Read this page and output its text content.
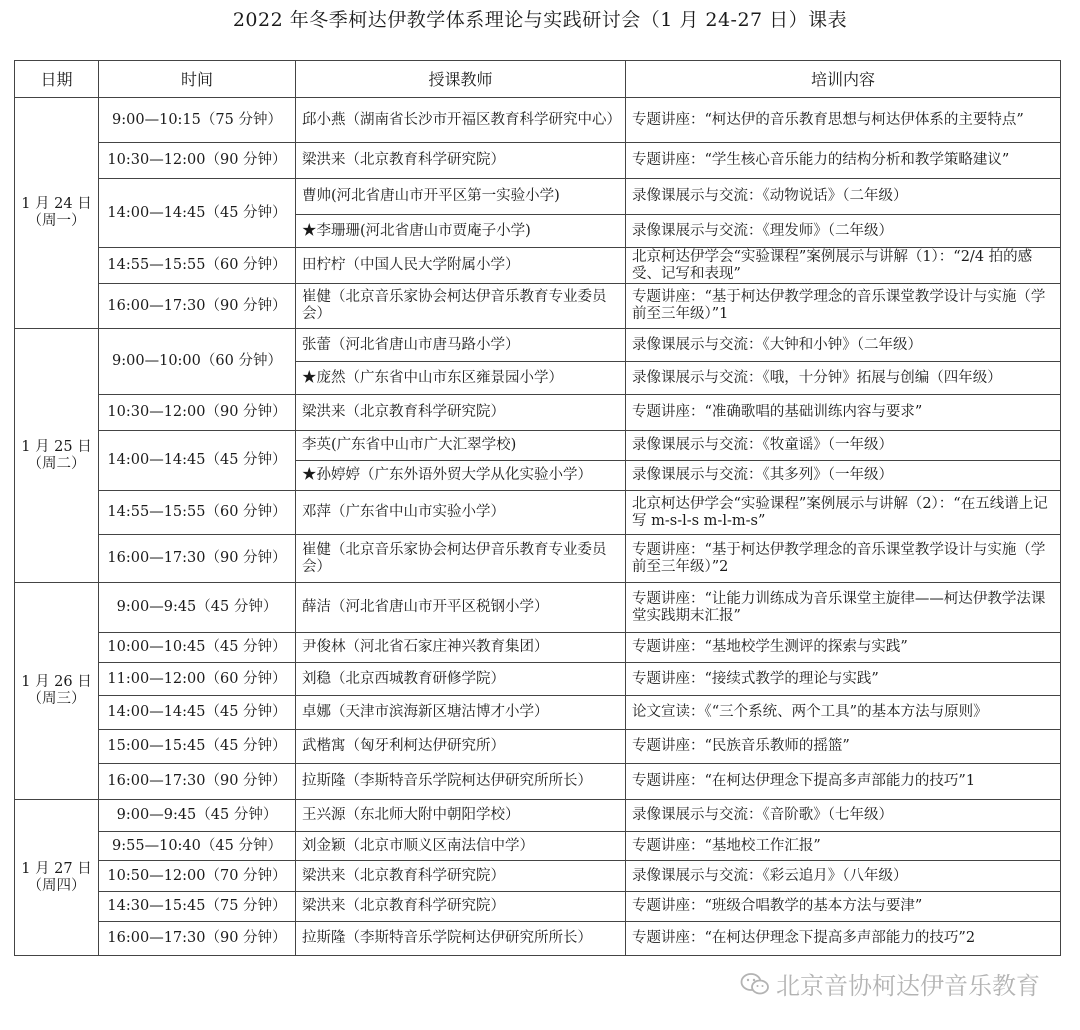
2022 年冬季柯达伊教学体系理论与实践研讨会（1 月 24-27 日）课表
日期	时间	授课教师	培训内容

1 月 24 日
（周一）	9:00—10:15（75 分钟）	邱小燕（湖南省长沙市开福区教育科学研究中心）	专题讲座：“柯达伊的音乐教育思想与柯达伊体系的主要特点”
	10:30—12:00（90 分钟）	梁洪来（北京教育科学研究院）	专题讲座：“学生核心音乐能力的结构分析和教学策略建议”
	14:00—14:45（45 分钟）	曹帅(河北省唐山市开平区第一实验小学)	录像课展示与交流：《动物说话》（二年级）
		★李珊珊(河北省唐山市贾庵子小学)	录像课展示与交流：《理发师》（二年级）
	14:55—15:55（60 分钟）	田柠柠（中国人民大学附属小学）	北京柯达伊学会“实验课程”案例展示与讲解（1）：“2/4 拍的感受、记写和表现”
	16:00—17:30（90 分钟）	崔健（北京音乐家协会柯达伊音乐教育专业委员会）	专题讲座：“基于柯达伊教学理念的音乐课堂教学设计与实施（学前至三年级）”1

1 月 25 日
（周二）	9:00—10:00（60 分钟）	张蕾（河北省唐山市唐马路小学）	录像课展示与交流：《大钟和小钟》（二年级）
		★庞然（广东省中山市东区雍景园小学）	录像课展示与交流：《哦，十分钟》拓展与创编（四年级）
	10:30—12:00（90 分钟）	梁洪来（北京教育科学研究院）	专题讲座：“准确歌唱的基础训练内容与要求”
	14:00—14:45（45 分钟）	李英(广东省中山市广大汇翠学校)	录像课展示与交流：《牧童谣》（一年级）
		★孙婷婷（广东外语外贸大学从化实验小学）	录像课展示与交流：《其多列》（一年级）
	14:55—15:55（60 分钟）	邓萍（广东省中山市实验小学）	北京柯达伊学会“实验课程”案例展示与讲解（2）：“在五线谱上记写 m-s-l-s m-l-m-s”
	16:00—17:30（90 分钟）	崔健（北京音乐家协会柯达伊音乐教育专业委员会）	专题讲座：“基于柯达伊教学理念的音乐课堂教学设计与实施（学前至三年级）”2

1 月 26 日
（周三）	9:00—9:45（45 分钟）	薛洁（河北省唐山市开平区税钢小学）	专题讲座：“让能力训练成为音乐课堂主旋律——柯达伊教学法课堂实践期末汇报”
	10:00—10:45（45 分钟）	尹俊林（河北省石家庄神兴教育集团）	专题讲座：“基地校学生测评的探索与实践”
	11:00—12:00（60 分钟）	刘稳（北京西城教育研修学院）	专题讲座：“接续式教学的理论与实践”
	14:00—14:45（45 分钟）	卓娜（天津市滨海新区塘沽博才小学）	论文宣读：《“三个系统、两个工具”的基本方法与原则》
	15:00—15:45（45 分钟）	武楷寓（匈牙利柯达伊研究所）	专题讲座：“民族音乐教师的摇篮”
	16:00—17:30（90 分钟）	拉斯隆（李斯特音乐学院柯达伊研究所所长）	专题讲座：“在柯达伊理念下提高多声部能力的技巧”1

1 月 27 日
（周四）	9:00—9:45（45 分钟）	王兴源（东北师大附中朝阳学校）	录像课展示与交流：《音阶歌》（七年级）
	9:55—10:40（45 分钟）	刘金颖（北京市顺义区南法信中学）	专题讲座：“基地校工作汇报”
	10:50—12:00（70 分钟）	梁洪来（北京教育科学研究院）	录像课展示与交流：《彩云追月》（八年级）
	14:30—15:45（75 分钟）	梁洪来（北京教育科学研究院）	专题讲座：“班级合唱教学的基本方法与要津”
	16:00—17:30（90 分钟）	拉斯隆（李斯特音乐学院柯达伊研究所所长）	专题讲座：“在柯达伊理念下提高多声部能力的技巧”2
北京音协柯达伊音乐教育
